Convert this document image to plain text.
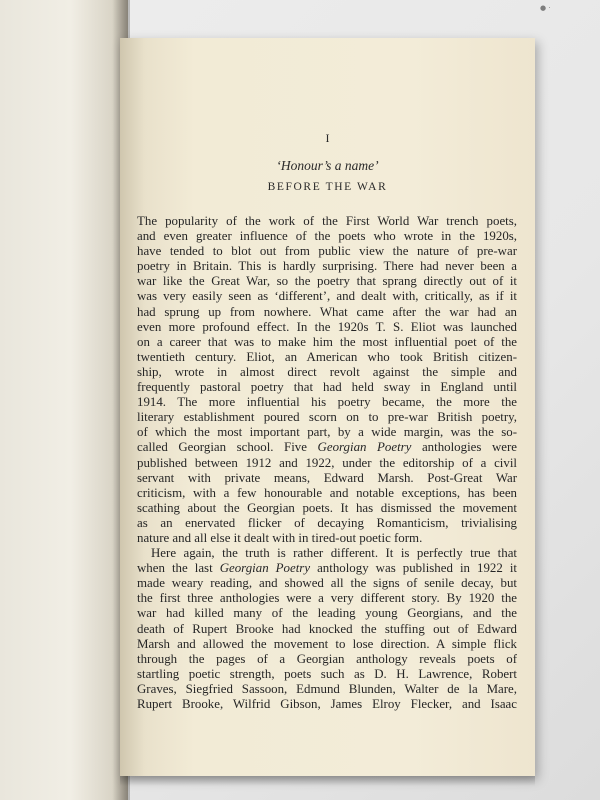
● ·
I
‘Honour’s a name’
BEFORE THE WAR
The popularity of the work of the First World War trench poets,
and even greater influence of the poets who wrote in the 1920s,
have tended to blot out from public view the nature of pre-war
poetry in Britain. This is hardly surprising. There had never been a
war like the Great War, so the poetry that sprang directly out of it
was very easily seen as ‘different’, and dealt with, critically, as if it
had sprung up from nowhere. What came after the war had an
even more profound effect. In the 1920s T. S. Eliot was launched
on a career that was to make him the most influential poet of the
twentieth century. Eliot, an American who took British citizen-
ship, wrote in almost direct revolt against the simple and
frequently pastoral poetry that had held sway in England until
1914. The more influential his poetry became, the more the
literary establishment poured scorn on to pre-war British poetry,
of which the most important part, by a wide margin, was the so-
called Georgian school. Five Georgian Poetry anthologies were
published between 1912 and 1922, under the editorship of a civil
servant with private means, Edward Marsh. Post-Great War
criticism, with a few honourable and notable exceptions, has been
scathing about the Georgian poets. It has dismissed the movement
as an enervated flicker of decaying Romanticism, trivialising
nature and all else it dealt with in tired-out poetic form.
Here again, the truth is rather different. It is perfectly true that
when the last Georgian Poetry anthology was published in 1922 it
made weary reading, and showed all the signs of senile decay, but
the first three anthologies were a very different story. By 1920 the
war had killed many of the leading young Georgians, and the
death of Rupert Brooke had knocked the stuffing out of Edward
Marsh and allowed the movement to lose direction. A simple flick
through the pages of a Georgian anthology reveals poets of
startling poetic strength, poets such as D. H. Lawrence, Robert
Graves, Siegfried Sassoon, Edmund Blunden, Walter de la Mare,
Rupert Brooke, Wilfrid Gibson, James Elroy Flecker, and Isaac
